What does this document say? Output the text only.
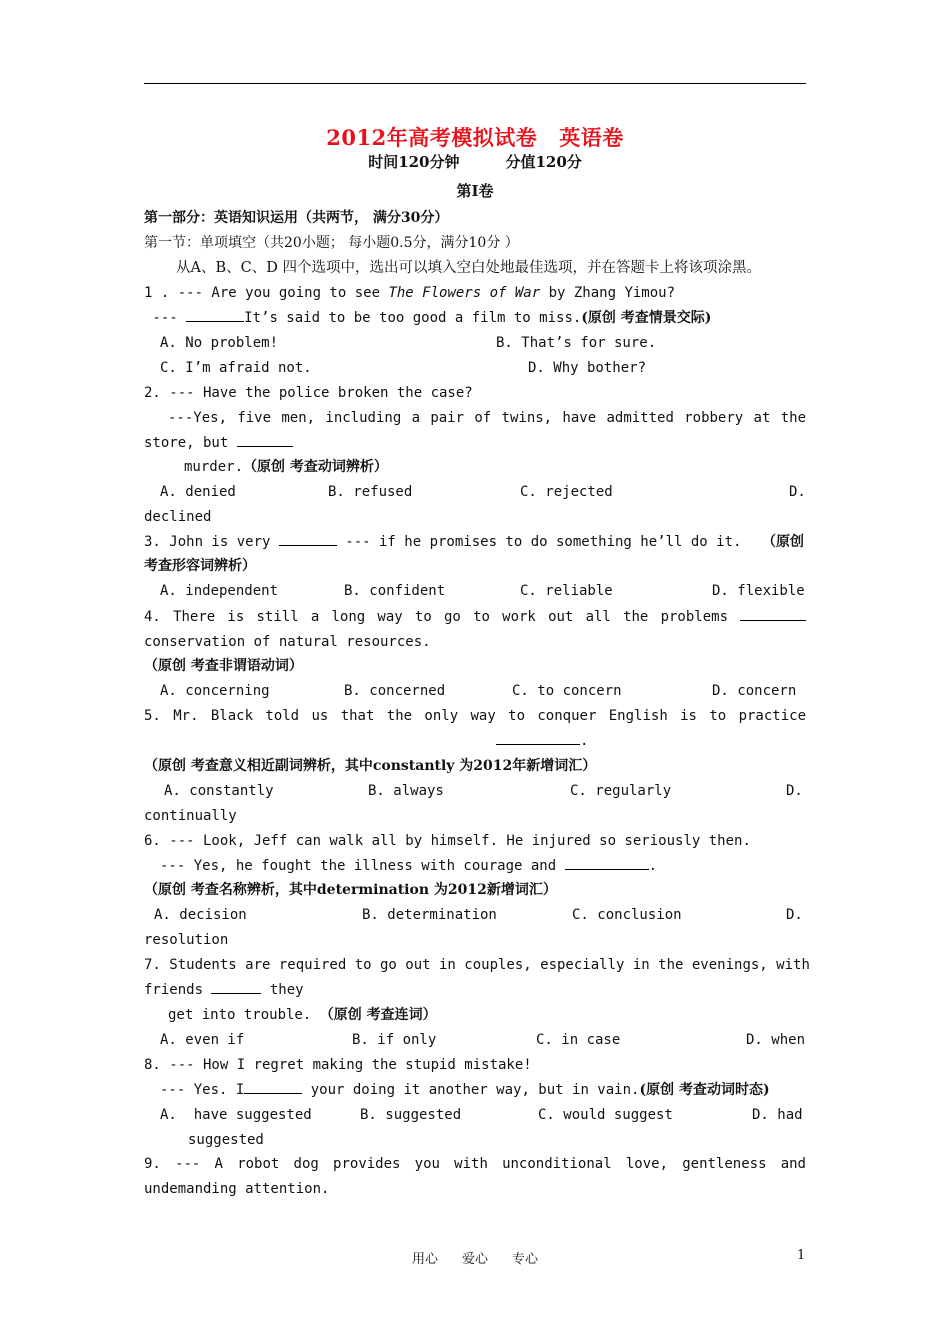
2012年高考模拟试卷 英语卷
时间120分钟	分值120分
第Ⅰ卷
第一部分：英语知识运用（共两节， 满分30分）
第一节：单项填空（共20小题； 每小题0.5分，满分10分 ）
从A、B、C、D 四个选项中，选出可以填入空白处地最佳选项，并在答题卡上将该项涂黑。
1 . --- Are you going to see The Flowers of War by Zhang Yimou?
---	It’s said to be too good a film to miss.(原创 考查情景交际)
A. No problem!	B. That’s for sure.
C. I’m afraid not.	D. Why bother?
2. --- Have the police broken the case?
---Yes, five men, including a pair of twins, have admitted robbery at the
store, but
murder.（原创 考查动词辨析）
A. denied	B. refused	C. rejected	D.
declined
3. John is very	--- if he promises to do something he’ll do it. （原创
考查形容词辨析）
A. independent	B. confident	C. reliable	D. flexible
4. There is still a long way to go to work out all the problems
conservation of natural resources.
（原创 考查非谓语动词）
A. concerning	B. concerned	C. to concern	D. concern
5. Mr. Black told us that the only way to conquer English is to practice
.
（原创 考查意义相近副词辨析，其中constantly 为2012年新增词汇）
A. constantly	B. always	C. regularly	D.
continually
6. --- Look, Jeff can walk all by himself. He injured so seriously then.
--- Yes, he fought the illness with courage and	.
（原创 考查名称辨析，其中determination 为2012新增词汇）
A. decision	B. determination	C. conclusion	D.
resolution
7. Students are required to go out in couples, especially in the evenings, with
friends	they
get into trouble. （原创 考查连词）
A. even if	B. if only	C. in case	D. when
8. --- How I regret making the stupid mistake!
--- Yes. I	your doing it another way, but in vain.(原创 考查动词时态)
A.  have suggested	B. suggested	C. would suggest	D. had
suggested
9. --- A robot dog provides you with unconditional love, gentleness and
undemanding attention.
用心 爱心 专心	1
